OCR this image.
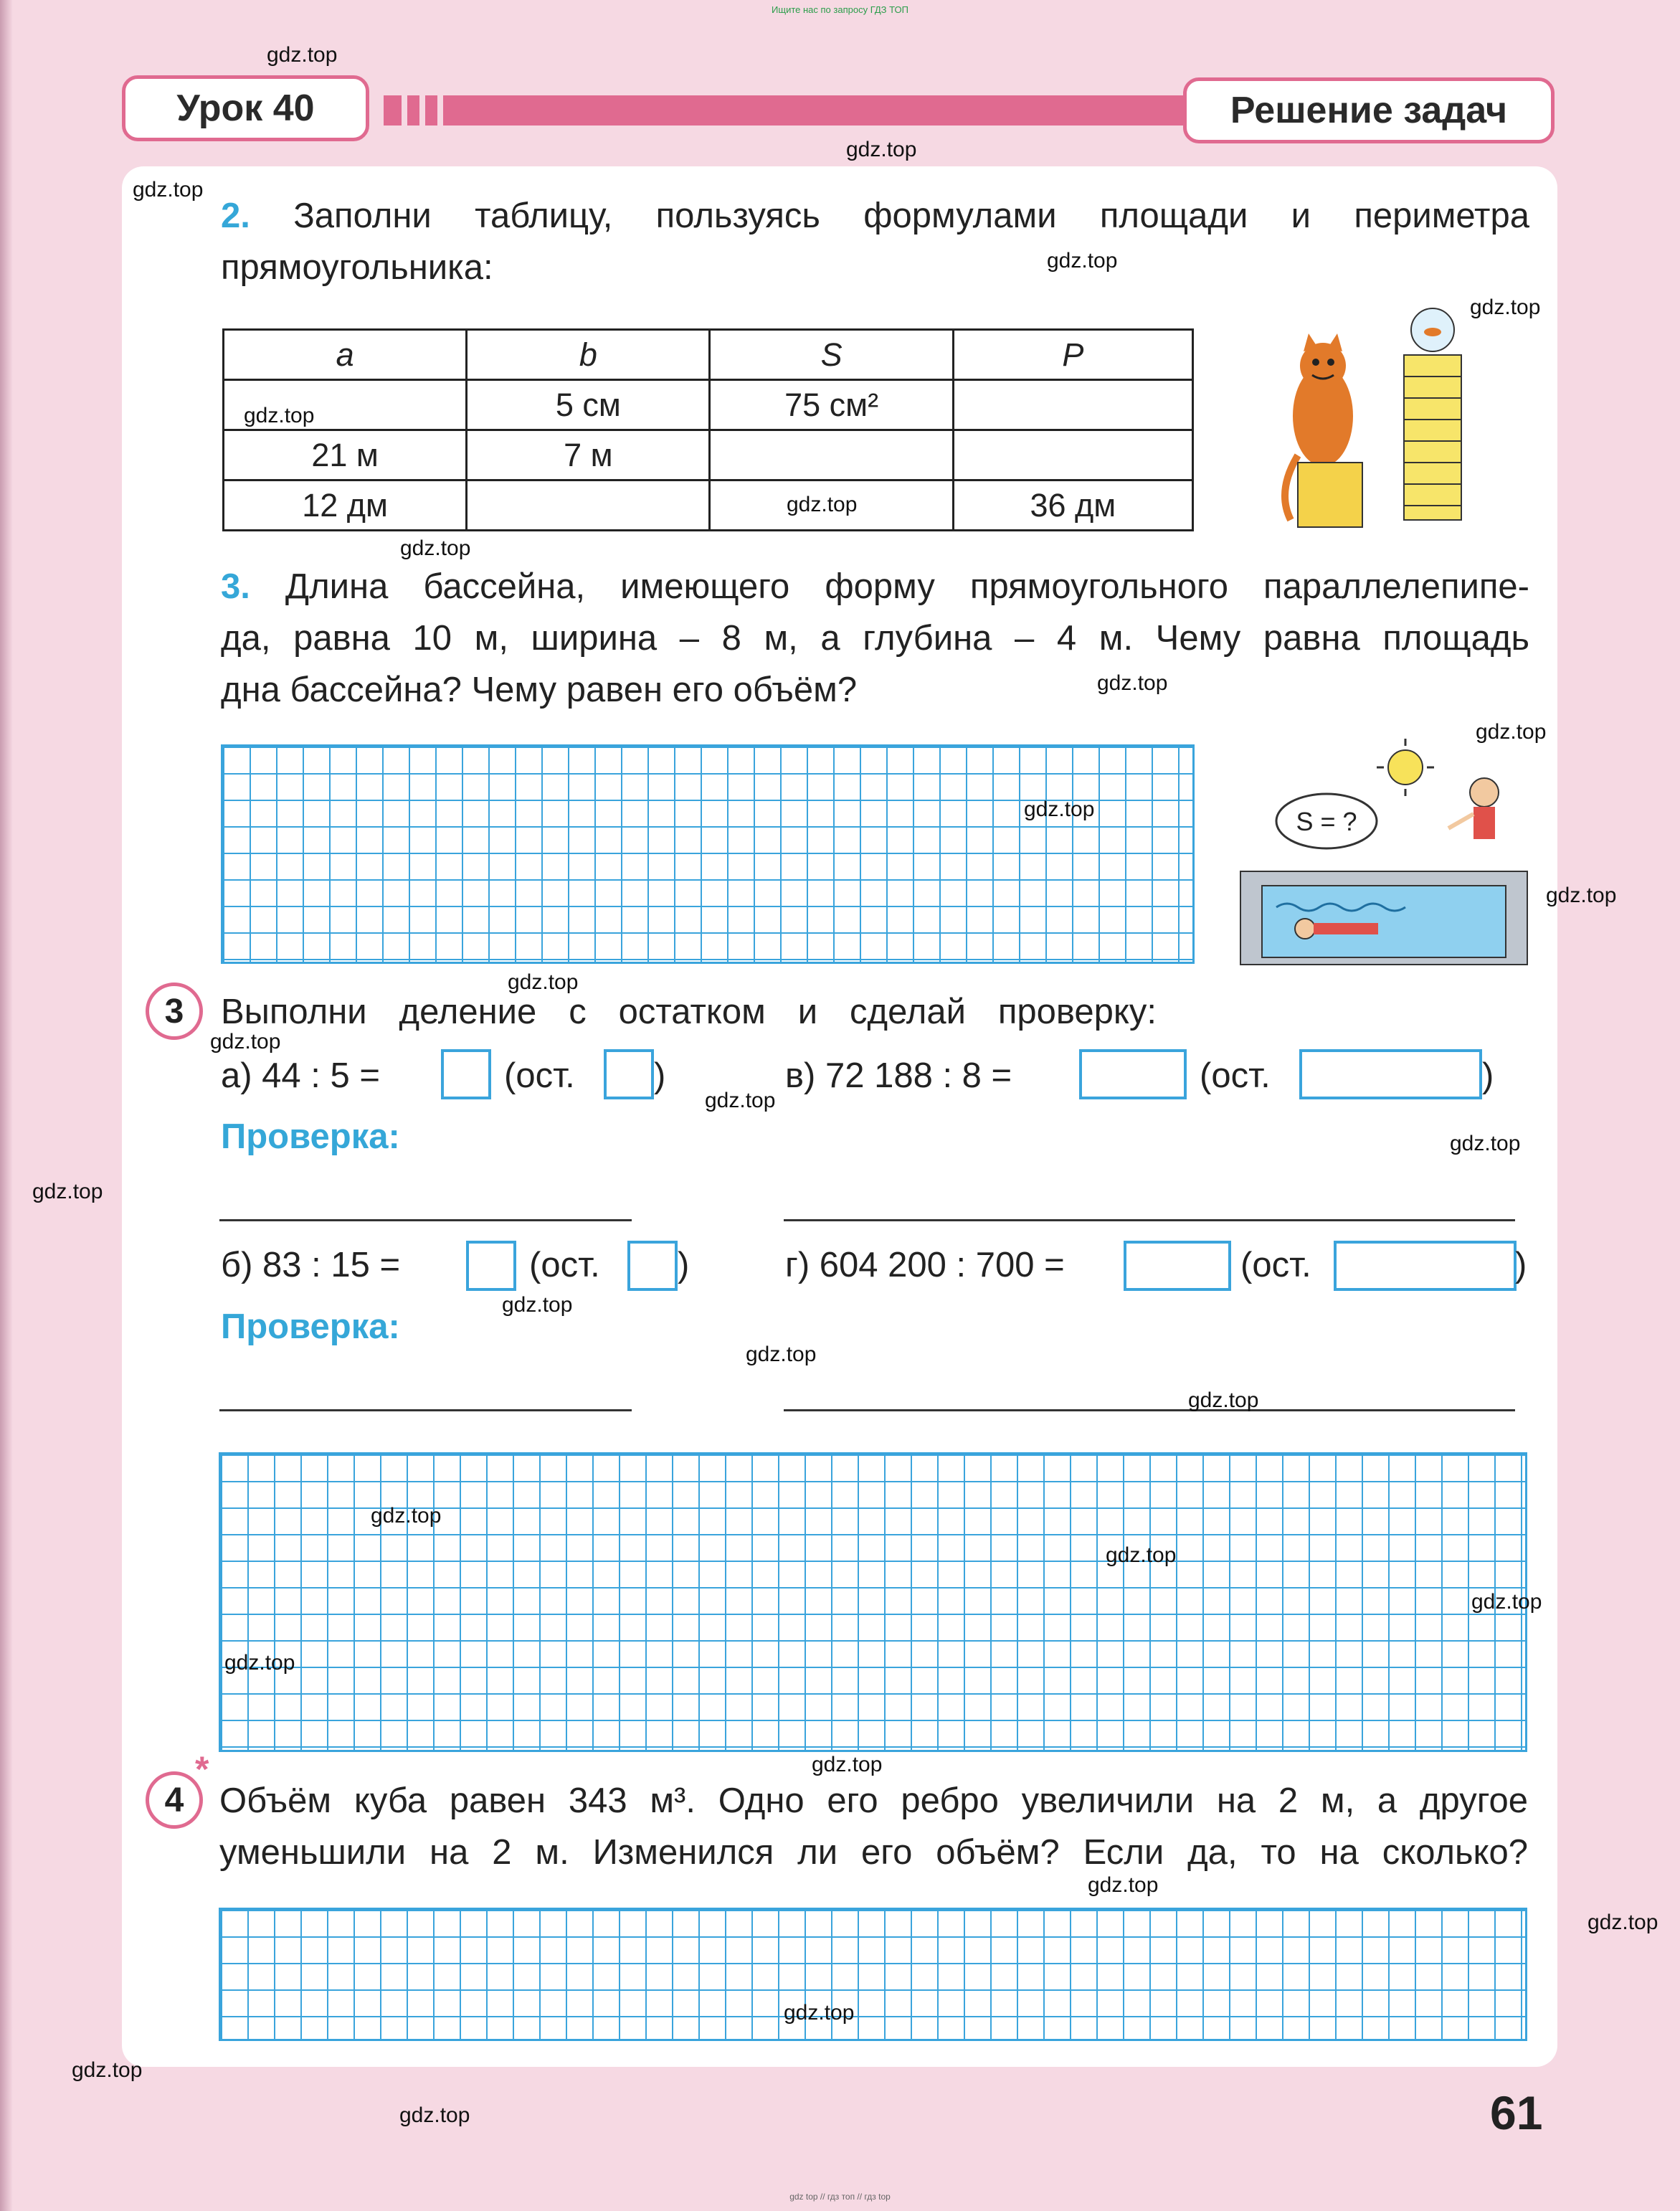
Ищите нас по запросу ГДЗ ТОП
Урок 40	Решение задач
2. Заполни таблицу, пользуясь формулами площади и периметра
прямоугольника:
a	b	S	P
	5 см	75 см²	
21 м	7 м		
12 дм			36 дм
3. Длина бассейна, имеющего форму прямоугольного параллелепипе-
да, равна 10 м, ширина – 8 м, а глубина – 4 м. Чему равна площадь
дна бассейна? Чему равен его объём?
S = ?
3	Выполни деление с остатком и сделай проверку:
а) 44 : 5 =	(ост. )	в) 72 188 : 8 =	(ост.	)
Проверка:
б) 83 : 15 =	(ост. )	г) 604 200 : 700 =	(ост.	)
Проверка:
4
*
Объём куба равен 343 м³. Одно его ребро увеличили на 2 м, а другое
уменьшили на 2 м. Изменился ли его объём? Если да, то на сколько?
61
gdz.top
gdz.top
gdz.top
gdz.top
gdz.top
gdz.top
gdz.top
gdz.top
gdz.top
gdz.top
gdz.top
gdz.top
gdz.top
gdz.top
gdz.top
gdz.top
gdz.top
gdz.top
gdz.top
gdz.top
gdz.top
gdz.top
gdz.top
gdz.top
gdz.top
gdz.top
gdz.top
gdz.top
gdz.top
gdz.top
gdz top // гдз топ // гдз top
